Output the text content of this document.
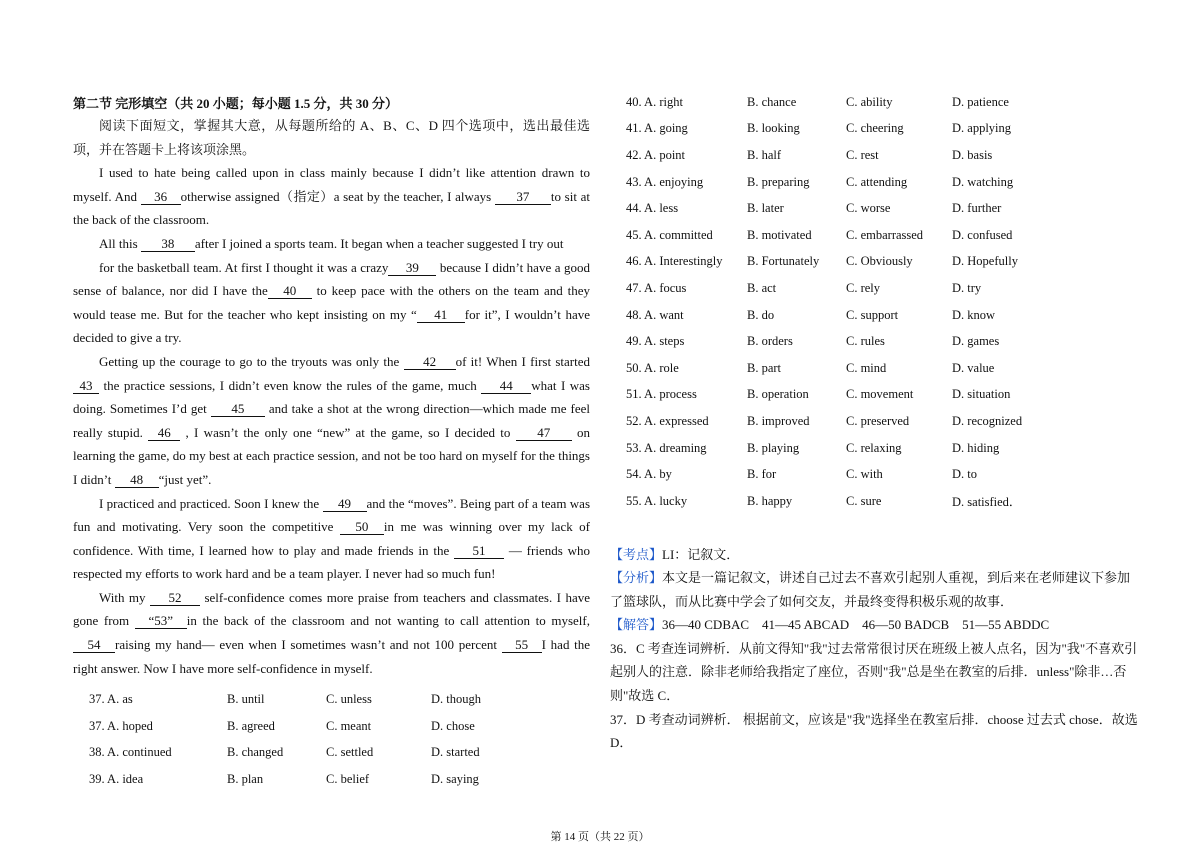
第二节 完形填空（共 20 小题；每小题 1.5 分，共 30 分）
阅读下面短文，掌握其大意，从每题所给的 A、B、C、D 四个选项中，选出最佳选项，并在答题卡上将该项涂黑。
I used to hate being called upon in class mainly because I didn’t like attention drawn to myself. And 36 otherwise assigned（指定）a seat by the teacher, I always 37 to sit at the back of the classroom.
All this 38 after I joined a sports team. It began when a teacher suggested I try out
for the basketball team. At first I thought it was a crazy 39 because I didn’t have a good sense of balance, nor did I have the 40 to keep pace with the others on the team and they would tease me. But for the teacher who kept insisting on my “ 41 for it”, I wouldn’t have decided to give a try.
Getting up the courage to go to the tryouts was only the 42 of it! When I first started43 the practice sessions, I didn’t even know the rules of the game, much 44 what I was doing. Sometimes I’d get 45 and take a shot at the wrong direction—which made me feel really stupid. 46 , I wasn’t the only one “new” at the game, so I decided to 47 on learning the game, do my best at each practice session, and not be too hard on myself for the things I didn’t 48 “just yet”.
I practiced and practiced. Soon I knew the 49 and the “moves”. Being part of a team was fun and motivating. Very soon the competitive 50 in me was winning over my lack of confidence. With time, I learned how to play and made friends in the 51 — friends who respected my efforts to work hard and be a team player. I never had so much fun!
With my 52 self-confidence comes more praise from teachers and classmates. I have gone from “53” in the back of the classroom and not wanting to call attention to myself, 54 raising my hand— even when I sometimes wasn’t and not 100 percent 55 I had the right answer. Now I have more self-confidence in myself.
37. A. as	B. until	C. unless	D. though
37. A. hoped	B. agreed	C. meant	D. chose
38. A. continued	B. changed	C. settled	D. started
39. A. idea	B. plan	C. belief	D. saying
40. A. right	B. chance	C. ability	D. patience
41. A. going	B. looking	C. cheering	D. applying
42. A. point	B. half	C. rest	D. basis
43. A. enjoying	B. preparing	C. attending	D. watching
44. A. less	B. later	C. worse	D. further
45. A. committed	B. motivated	C. embarrassed	D. confused
46. A. Interestingly	B. Fortunately	C. Obviously	D. Hopefully
47. A. focus	B. act	C. rely	D. try
48. A. want	B. do	C. support	D. know
49. A. steps	B. orders	C. rules	D. games
50. A. role	B. part	C. mind	D. value
51. A. process	B. operation	C. movement	D. situation
52. A. expressed	B. improved	C. preserved	D. recognized
53. A. dreaming	B. playing	C. relaxing	D. hiding
54. A. by	B. for	C. with	D. to
55. A. lucky	B. happy	C. sure	D. satisfied．
【考点】LI：记叙文．
【分析】本文是一篇记叙文，讲述自己过去不喜欢引起别人重视，到后来在老师建议下参加了篮球队，而从比赛中学会了如何交友，并最终变得积极乐观的故事．
【解答】36—40 CDBAC　41—45 ABCAD　46—50 BADCB　51—55 ABDDC
36．C 考查连词辨析．从前文得知"我"过去常常很讨厌在班级上被人点名，因为"我"不喜欢引起别人的注意．除非老师给我指定了座位，否则"我"总是坐在教室的后排．unless"除非…否则"故选 C．
37．D 考查动词辨析． 根据前文，应该是"我"选择坐在教室后排．choose 过去式 chose．故选 D．
第 14 页（共 22 页）
